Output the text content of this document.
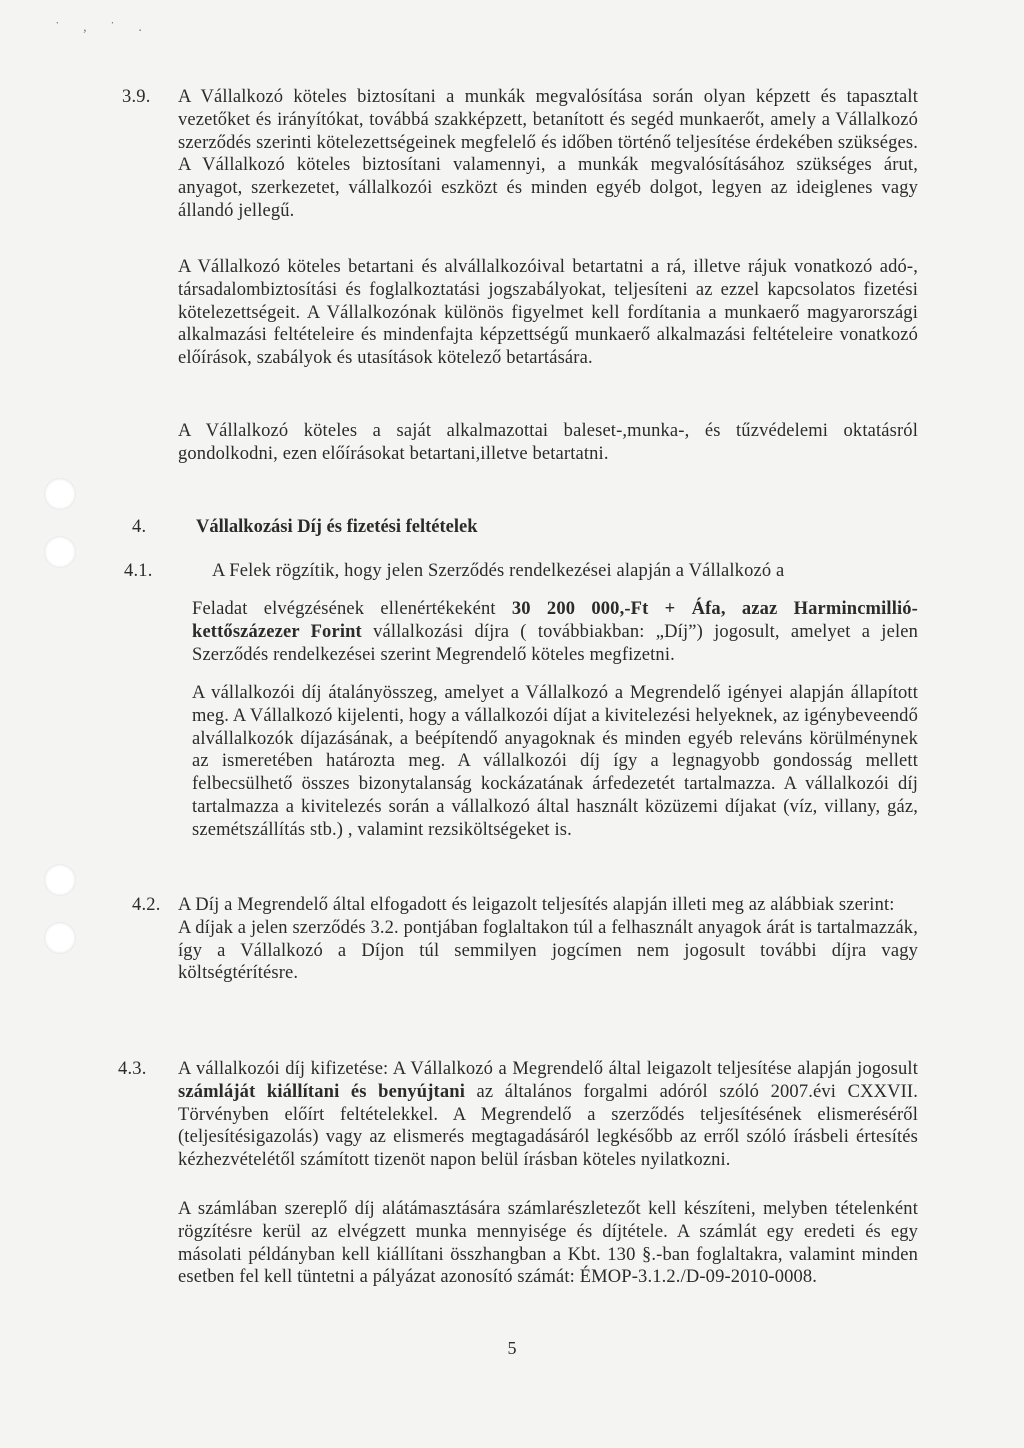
˙ , ˙ .
3.9. A Vállalkozó köteles biztosítani a munkák megvalósítása során olyan képzett és tapasztalt vezetőket és irányítókat, továbbá szakképzett, betanított és segéd munkaerőt, amely a Vállalkozó szerződés szerinti kötelezettségeinek megfelelő és időben történő teljesítése érdekében szükséges. A Vállalkozó köteles biztosítani valamennyi, a munkák megvalósításához szükséges árut, anyagot, szerkezetet, vállalkozói eszközt és minden egyéb dolgot, legyen az ideiglenes vagy állandó jellegű.

A Vállalkozó köteles betartani és alvállalkozóival betartatni a rá, illetve rájuk vonatkozó adó-, társadalombiztosítási és foglalkoztatási jogszabályokat, teljesíteni az ezzel kapcsolatos fizetési kötelezettségeit. A Vállalkozónak különös figyelmet kell fordítania a munkaerő magyarországi alkalmazási feltételeire és mindenfajta képzettségű munkaerő alkalmazási feltételeire vonatkozó előírások, szabályok és utasítások kötelező betartására.

A Vállalkozó köteles a saját alkalmazottai baleset-,munka-, és tűzvédelemi oktatásról gondolkodni, ezen előírásokat betartani,illetve betartatni.

4.	Vállalkozási Díj és fizetési feltételek
4.1.	A Felek rögzítik, hogy jelen Szerződés rendelkezései alapján a Vállalkozó a

Feladat elvégzésének ellenértékeként 30 200 000,-Ft + Áfa, azaz Harmincmillió-kettőszázezer Forint vállalkozási díjra ( továbbiakban: „Díj”) jogosult, amelyet a jelen Szerződés rendelkezései szerint Megrendelő köteles megfizetni.

A vállalkozói díj átalányösszeg, amelyet a Vállalkozó a Megrendelő igényei alapján állapított meg. A Vállalkozó kijelenti, hogy a vállalkozói díjat a kivitelezési helyeknek, az igénybeveendő alvállalkozók díjazásának, a beépítendő anyagoknak és minden egyéb releváns körülménynek az ismeretében határozta meg. A vállalkozói díj így a legnagyobb gondosság mellett felbecsülhető összes bizonytalanság kockázatának árfedezetét tartalmazza. A vállalkozói díj tartalmazza a kivitelezés során a vállalkozó által használt közüzemi díjakat (víz, villany, gáz, szemétszállítás stb.) , valamint rezsiköltségeket is.

4.2. A Díj a Megrendelő által elfogadott és leigazolt teljesítés alapján illeti meg az alábbiak szerint:

A díjak a jelen szerződés 3.2. pontjában foglaltakon túl a felhasznált anyagok árát is tartalmazzák, így a Vállalkozó a Díjon túl semmilyen jogcímen nem jogosult további díjra vagy költségtérítésre.

4.3. A vállalkozói díj kifizetése: A Vállalkozó a Megrendelő által leigazolt teljesítése alapján jogosult számláját kiállítani és benyújtani az általános forgalmi adóról szóló 2007.évi CXXVII. Törvényben előírt feltételekkel. A Megrendelő a szerződés teljesítésének elismeréséről (teljesítésigazolás) vagy az elismerés megtagadásáról legkésőbb az erről szóló írásbeli értesítés kézhezvételétől számított tizenöt napon belül írásban köteles nyilatkozni.

A számlában szereplő díj alátámasztására számlarészletezőt kell készíteni, melyben tételenként rögzítésre kerül az elvégzett munka mennyisége és díjtétele. A számlát egy eredeti és egy másolati példányban kell kiállítani összhangban a Kbt. 130 §.-ban foglaltakra, valamint minden esetben fel kell tüntetni a pályázat azonosító számát: ÉMOP-3.1.2./D-09-2010-0008.

5
